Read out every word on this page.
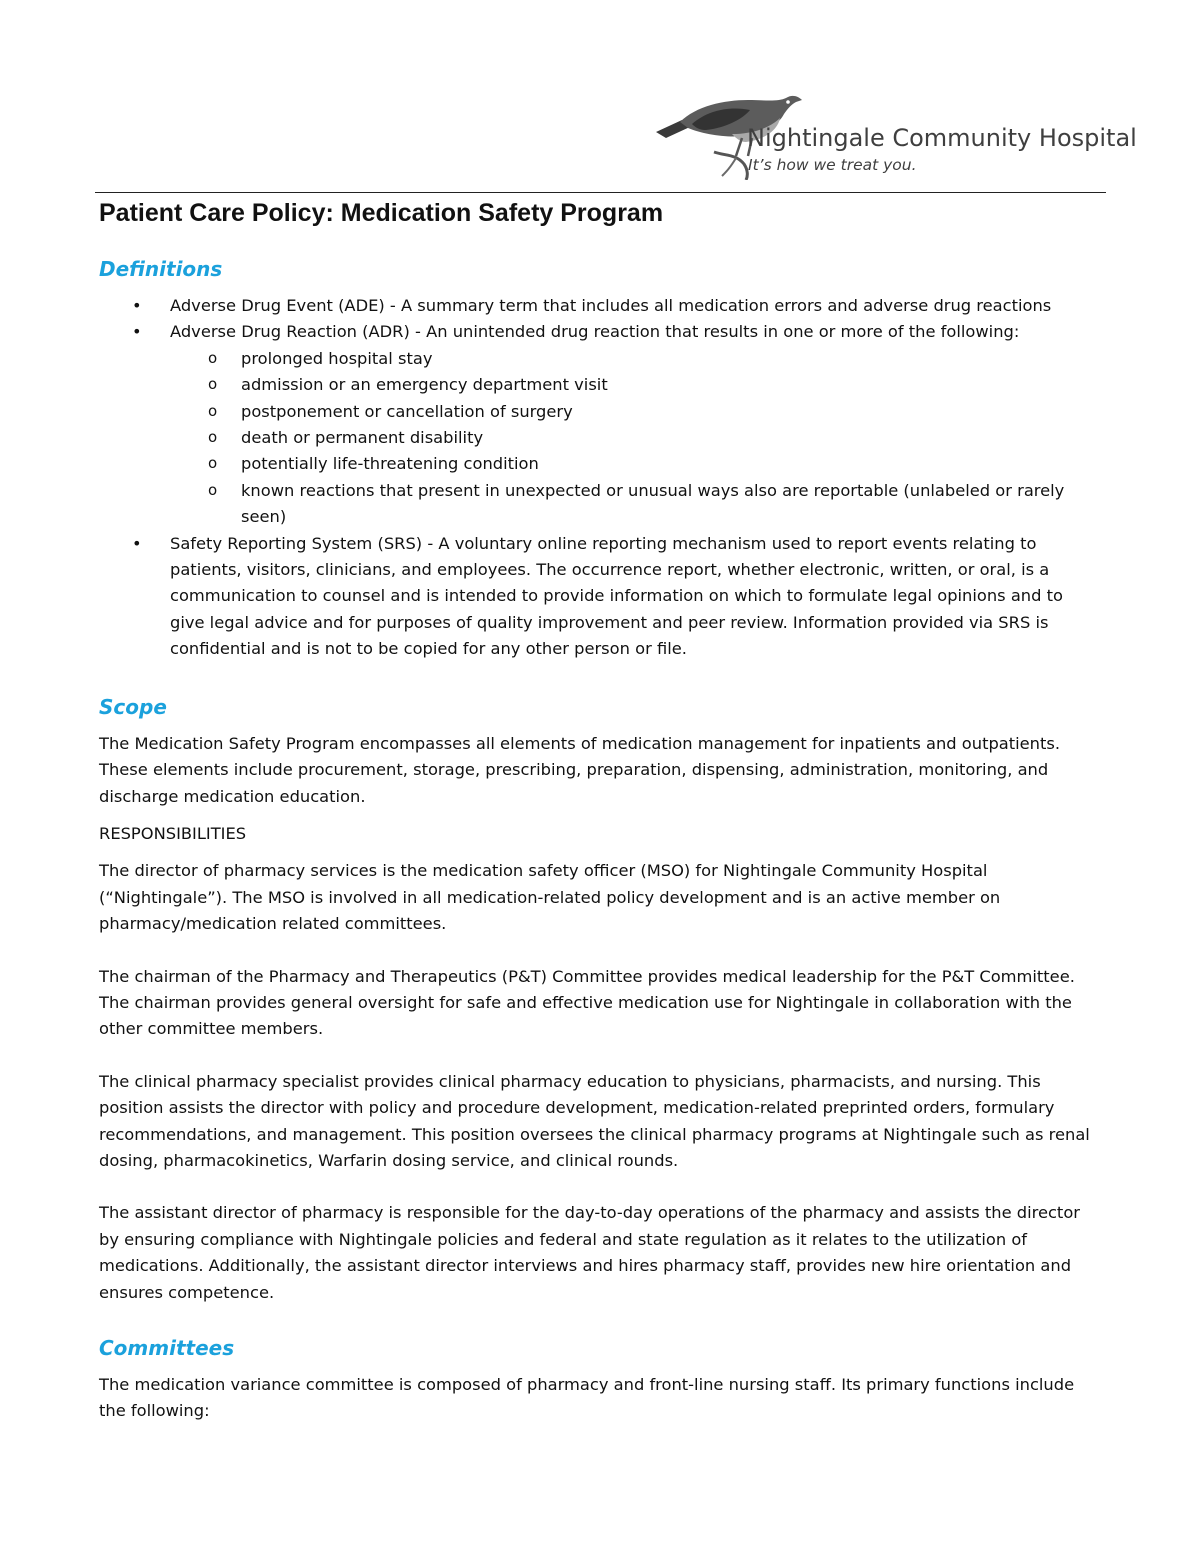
Nightingale Community Hospital
It’s how we treat you.
Patient Care Policy: Medication Safety Program
Definitions
• Adverse Drug Event (ADE) - A summary term that includes all medication errors and adverse drug reactions
• Adverse Drug Reaction (ADR) - An unintended drug reaction that results in one or more of the following:
o prolonged hospital stay
o admission or an emergency department visit
o postponement or cancellation of surgery
o death or permanent disability
o potentially life-threatening condition
o known reactions that present in unexpected or unusual ways also are reportable (unlabeled or rarely seen)
• Safety Reporting System (SRS) - A voluntary online reporting mechanism used to report events relating to patients, visitors, clinicians, and employees. The occurrence report, whether electronic, written, or oral, is a communication to counsel and is intended to provide information on which to formulate legal opinions and to give legal advice and for purposes of quality improvement and peer review. Information provided via SRS is confidential and is not to be copied for any other person or file.
Scope

The Medication Safety Program encompasses all elements of medication management for inpatients and outpatients. These elements include procurement, storage, prescribing, preparation, dispensing, administration, monitoring, and discharge medication education.

RESPONSIBILITIES

The director of pharmacy services is the medication safety officer (MSO) for Nightingale Community Hospital (“Nightingale”). The MSO is involved in all medication-related policy development and is an active member on pharmacy/medication related committees.

The chairman of the Pharmacy and Therapeutics (P&T) Committee provides medical leadership for the P&T Committee. The chairman provides general oversight for safe and effective medication use for Nightingale in collaboration with the other committee members.

The clinical pharmacy specialist provides clinical pharmacy education to physicians, pharmacists, and nursing. This position assists the director with policy and procedure development, medication-related preprinted orders, formulary recommendations, and management. This position oversees the clinical pharmacy programs at Nightingale such as renal dosing, pharmacokinetics, Warfarin dosing service, and clinical rounds.

The assistant director of pharmacy is responsible for the day-to-day operations of the pharmacy and assists the director by ensuring compliance with Nightingale policies and federal and state regulation as it relates to the utilization of medications. Additionally, the assistant director interviews and hires pharmacy staff, provides new hire orientation and ensures competence.

Committees

The medication variance committee is composed of pharmacy and front-line nursing staff. Its primary functions include the following:
